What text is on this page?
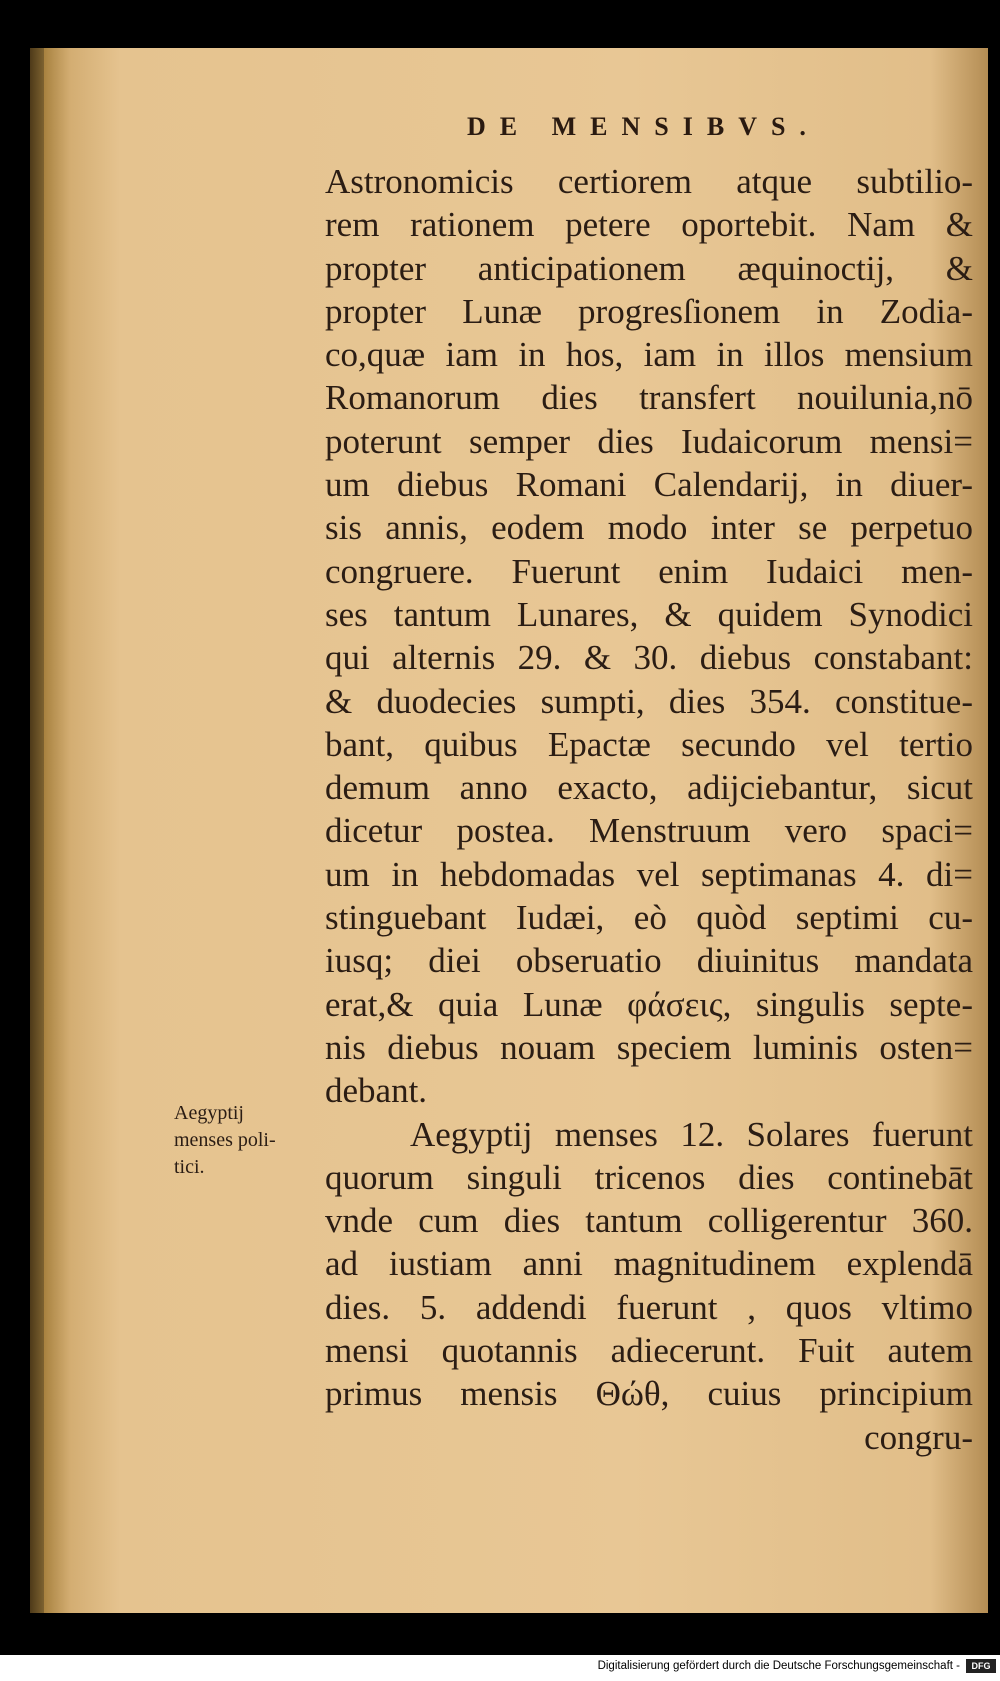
DE MENSIBVS.
Astronomicis certiorem atque subtilio-
rem rationem petere oportebit. Nam &
propter anticipationem æquinoctij, &
propter Lunæ progresſionem in Zodia-
co,quæ iam in hos, iam in illos mensium
Romanorum dies transfert nouilunia,nō
poterunt semper dies Iudaicorum mensi=
um diebus Romani Calendarij, in diuer-
sis annis, eodem modo inter se perpetuo
congruere. Fuerunt enim Iudaici men-
ses tantum Lunares, & quidem Synodici
qui alternis 29. & 30. diebus constabant:
& duodecies sumpti, dies 354. constitue-
bant, quibus Epactæ secundo vel tertio
demum anno exacto, adijciebantur, sicut
dicetur postea. Menstruum vero spaci=
um in hebdomadas vel septimanas 4. di=
stinguebant Iudæi, eò quòd septimi cu-
iusq; diei obseruatio diuinitus mandata
erat,& quia Lunæ φάσεις, singulis septe-
nis diebus nouam speciem luminis osten=
debant.
Aegyptij menses 12. Solares fuerunt
quorum singuli tricenos dies continebāt
vnde cum dies tantum colligerentur 360.
ad iustiam anni magnitudinem explendā
dies. 5. addendi fuerunt , quos vltimo
mensi quotannis adiecerunt. Fuit autem
primus mensis Θώθ, cuius principium
congru-
Aegyptij
menses poli-
tici.
Digitalisierung gefördert durch die Deutsche Forschungsgemeinschaft -	DFG
